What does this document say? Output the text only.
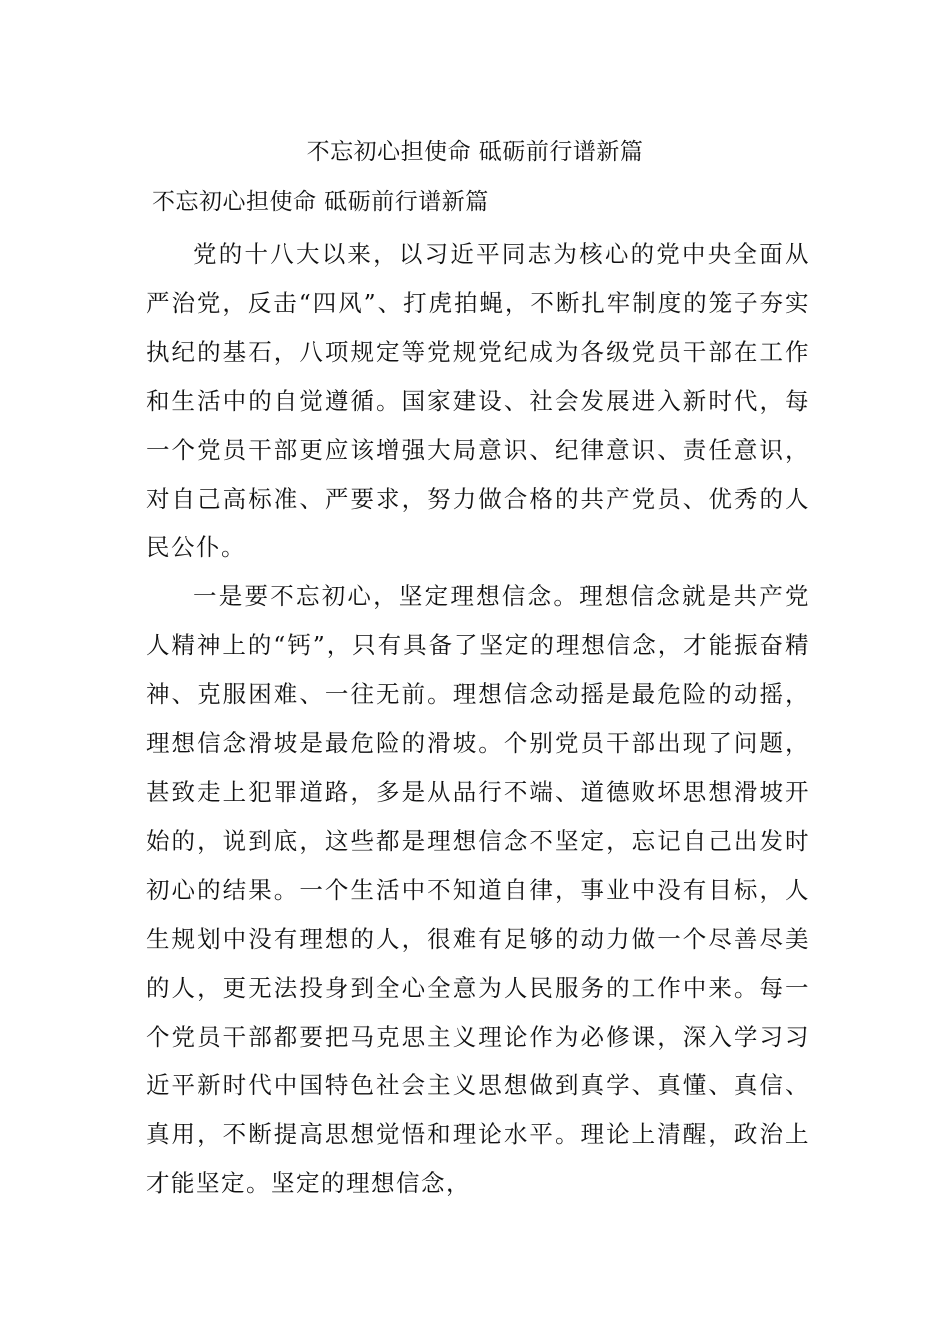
不忘初心担使命 砥砺前行谱新篇
不忘初心担使命 砥砺前行谱新篇

党的十八大以来，以习近平同志为核心的党中央全面从严治党，反击“四风”、打虎拍蝇，不断扎牢制度的笼子夯实执纪的基石，八项规定等党规党纪成为各级党员干部在工作和生活中的自觉遵循。国家建设、社会发展进入新时代，每一个党员干部更应该增强大局意识、纪律意识、责任意识，对自己高标准、严要求，努力做合格的共产党员、优秀的人民公仆。

一是要不忘初心，坚定理想信念。理想信念就是共产党人精神上的“钙”，只有具备了坚定的理想信念，才能振奋精神、克服困难、一往无前。理想信念动摇是最危险的动摇，理想信念滑坡是最危险的滑坡。个别党员干部出现了问题，甚致走上犯罪道路，多是从品行不端、道德败坏思想滑坡开始的，说到底，这些都是理想信念不坚定，忘记自己出发时初心的结果。一个生活中不知道自律，事业中没有目标，人生规划中没有理想的人，很难有足够的动力做一个尽善尽美的人，更无法投身到全心全意为人民服务的工作中来。每一个党员干部都要把马克思主义理论作为必修课，深入学习习近平新时代中国特色社会主义思想做到真学、真懂、真信、真用，不断提高思想觉悟和理论水平。理论上清醒，政治上才能坚定。坚定的理想信念，
